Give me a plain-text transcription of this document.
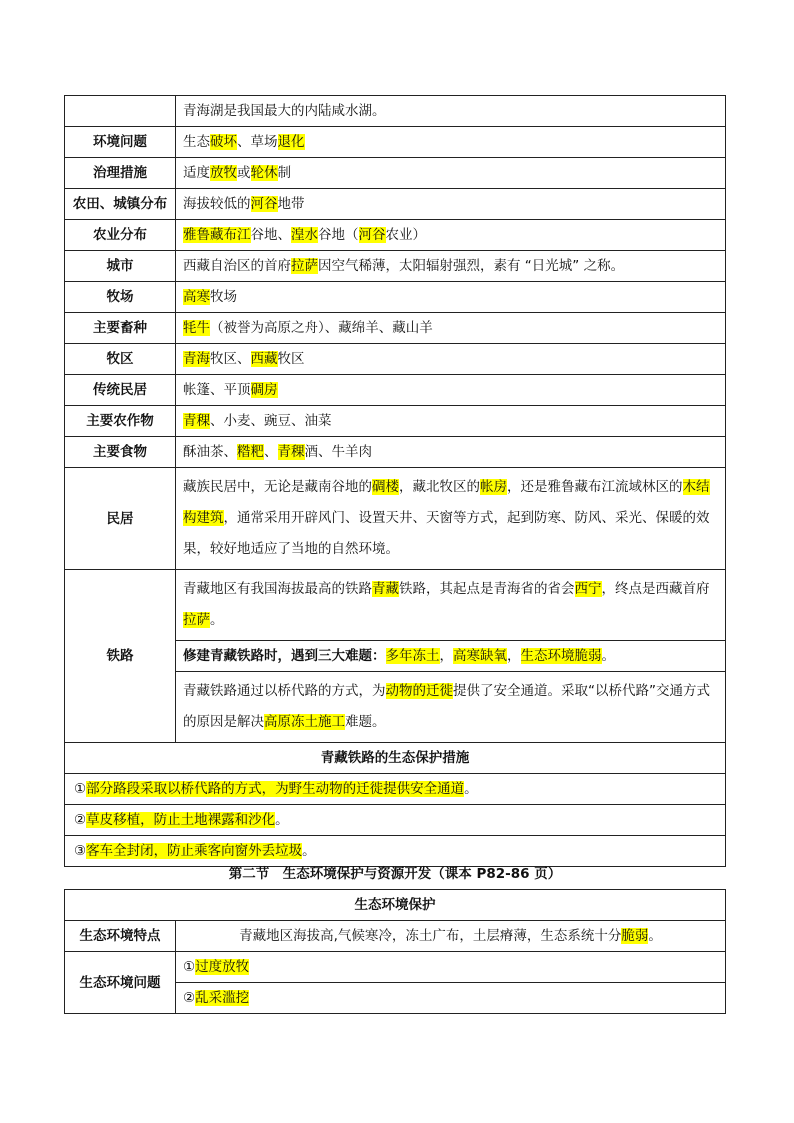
	青海湖是我国最大的内陆咸水湖。
环境问题	生态破坏、草场退化
治理措施	适度放牧或轮休制
农田、城镇分布	海拔较低的河谷地带
农业分布	雅鲁藏布江谷地、湟水谷地（河谷农业）
城市	西藏自治区的首府拉萨因空气稀薄，太阳辐射强烈，素有 “日光城” 之称。
牧场	高寒牧场
主要畜种	牦牛（被誉为高原之舟）、藏绵羊、藏山羊
牧区	青海牧区、西藏牧区
传统民居	帐篷、平顶碉房
主要农作物	青稞、小麦、豌豆、油菜
主要食物	酥油茶、糌粑、青稞酒、牛羊肉
民居	藏族民居中，无论是藏南谷地的碉楼，藏北牧区的帐房，还是雅鲁藏布江流域林区的木结构建筑，通常采用开辟风门、设置天井、天窗等方式，起到防寒、防风、采光、保暖的效果，较好地适应了当地的自然环境。
铁路	青藏地区有我国海拔最高的铁路青藏铁路，其起点是青海省的省会西宁，终点是西藏首府拉萨。
	修建青藏铁路时，遇到三大难题：多年冻土，高寒缺氧，生态环境脆弱。
	青藏铁路通过以桥代路的方式，为动物的迁徙提供了安全通道。采取“以桥代路”交通方式的原因是解决高原冻土施工难题。
青藏铁路的生态保护措施	
①部分路段采取以桥代路的方式，为野生动物的迁徙提供安全通道。	
②草皮移植，防止土地裸露和沙化。	
③客车全封闭，防止乘客向窗外丢垃圾。	
第二节　生态环境保护与资源开发（课本 P82-86 页）
生态环境保护	
生态环境特点	青藏地区海拔高,气候寒冷，冻土广布，土层瘠薄，生态系统十分脆弱。
生态环境问题	①过度放牧
	②乱采滥挖
